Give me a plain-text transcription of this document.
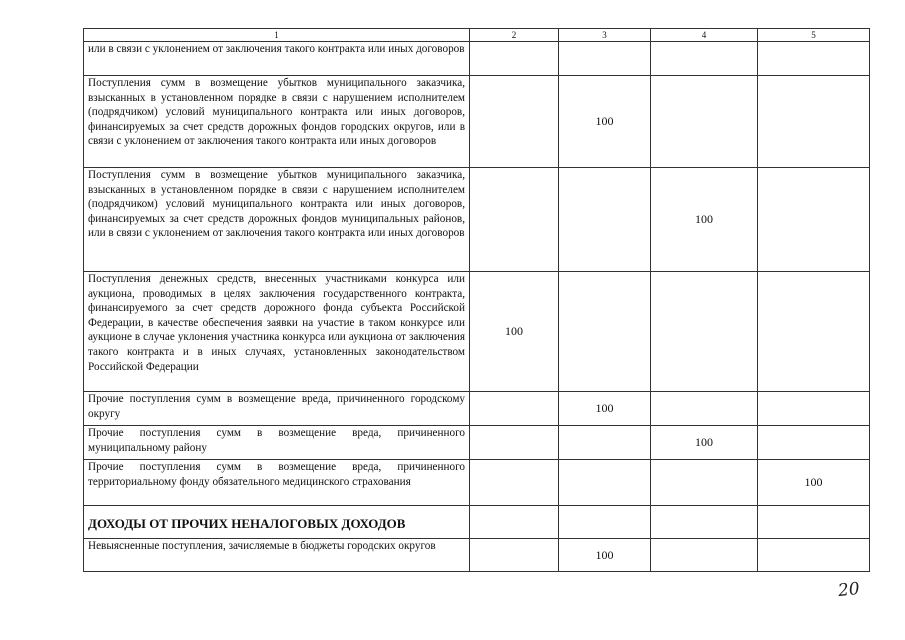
1	2	3	4	5
или в связи с уклонением от заключения такого контракта или иных договоров				
Поступления сумм в возмещение убытков муниципального заказчика, взысканных в установленном порядке в связи с нарушением исполнителем (подрядчиком) условий муниципального контракта или иных договоров, финансируемых за счет средств дорожных фондов городских округов, или в связи с уклонением от заключения такого контракта или иных договоров		100		
Поступления сумм в возмещение убытков муниципального заказчика, взысканных в установленном порядке в связи с нарушением исполнителем (подрядчиком) условий муниципального контракта или иных договоров, финансируемых за счет средств дорожных фондов муниципальных районов, или в связи с уклонением от заключения такого контракта или иных договоров			100	
Поступления денежных средств, внесенных участниками конкурса или аукциона, проводимых в целях заключения государственного контракта, финансируемого за счет средств дорожного фонда субъекта Российской Федерации, в качестве обеспечения заявки на участие в таком конкурсе или аукционе в случае уклонения участника конкурса или аукциона от заключения такого контракта и в иных случаях, установленных законодательством Российской Федерации	100			
Прочие поступления сумм в возмещение вреда, причиненного городскому округу		100		
Прочие поступления сумм в возмещение вреда, причиненного муниципальному району			100	
Прочие поступления сумм в возмещение вреда, причиненного территориальному фонду обязательного медицинского страхования				100
ДОХОДЫ ОТ ПРОЧИХ НЕНАЛОГОВЫХ ДОХОДОВ				
Невыясненные поступления, зачисляемые в бюджеты городских округов		100		
20
